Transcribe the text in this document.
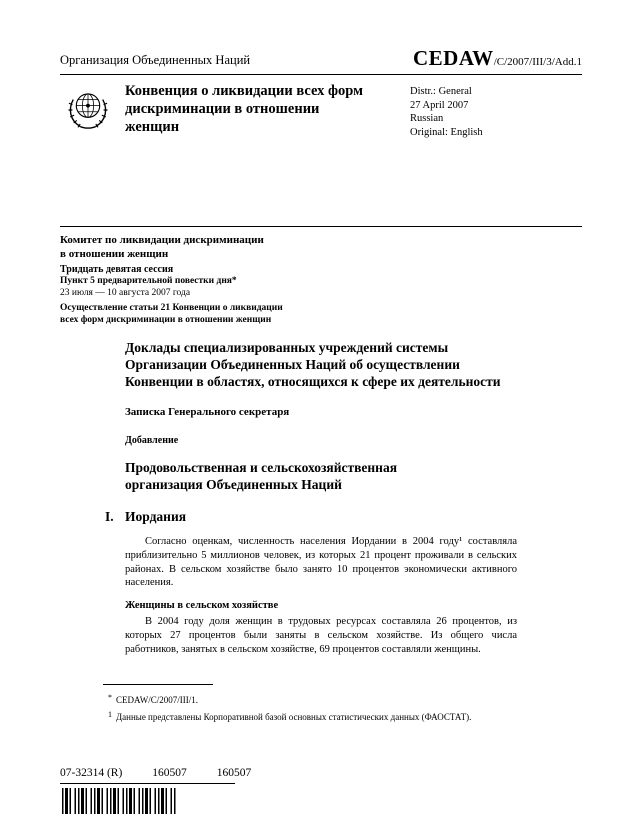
Организация Объединенных Наций	CEDAW /C/2007/III/3/Add.1
Конвенция о ликвидации всех форм дискриминации в отношении женщин
Distr.: General
27 April 2007
Russian
Original: English
Комитет по ликвидации дискриминации
в отношении женщин
Тридцать девятая сессия
Пункт 5 предварительной повестки дня*
23 июля — 10 августа 2007 года
Осуществление статьи 21 Конвенции о ликвидации
всех форм дискриминации в отношении женщин
Доклады специализированных учреждений системы Организации Объединенных Наций об осуществлении Конвенции в областях, относящихся к сфере их деятельности
Записка Генерального секретаря
Добавление
Продовольственная и сельскохозяйственная организация Объединенных Наций
I. Иордания
Согласно оценкам, численность населения Иордании в 2004 году¹ составляла приблизительно 5 миллионов человек, из которых 21 процент проживали в сельских районах. В сельском хозяйстве было занято 10 процентов экономически активного населения.
Женщины в сельском хозяйстве
В 2004 году доля женщин в трудовых ресурсах составляла 26 процентов, из которых 27 процентов были заняты в сельском хозяйстве. Из общего числа работников, занятых в сельском хозяйстве, 69 процентов составляли женщины.
* CEDAW/C/2007/III/1.
1 Данные представлены Корпоративной базой основных статистических данных (ФАОСТАТ).
07-32314 (R)	160507	160507
